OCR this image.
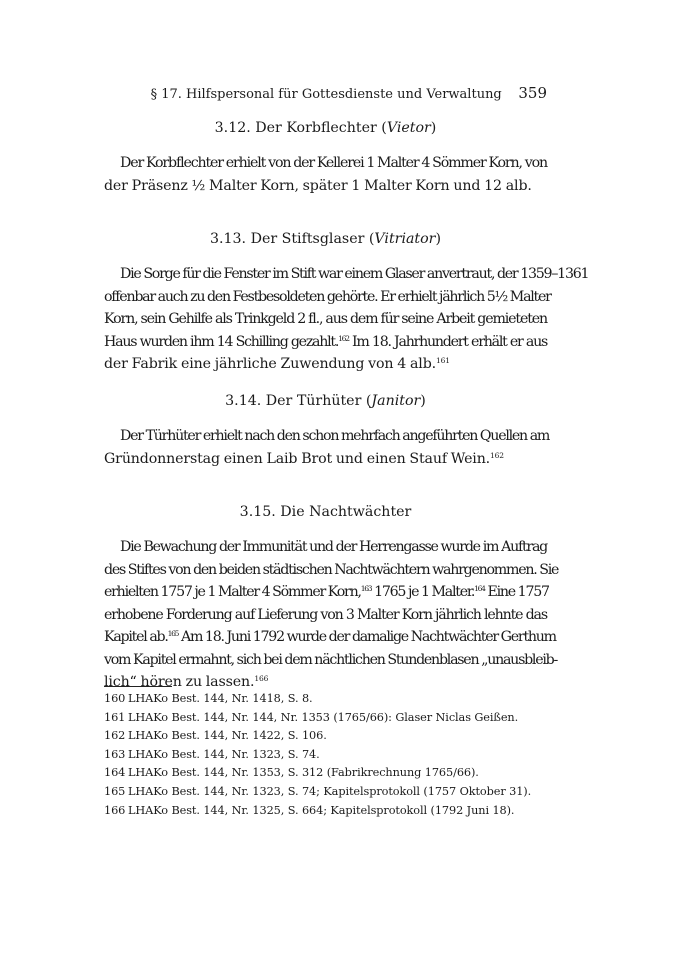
§ 17. Hilfspersonal für Gottesdienste und Verwaltung	359
3.12. Der Korbflechter (Vietor)
Der Korbflechter erhielt von der Kellerei 1 Malter 4 Sömmer Korn, von
der Präsenz ½ Malter Korn, später 1 Malter Korn und 12 alb.
3.13. Der Stiftsglaser (Vitriator)
Die Sorge für die Fenster im Stift war einem Glaser anvertraut, der 1359–1361
offenbar auch zu den Festbesoldeten gehörte. Er erhielt jährlich 5½ Malter
Korn, sein Gehilfe als Trinkgeld 2 fl., aus dem für seine Arbeit gemieteten
Haus wurden ihm 14 Schilling gezahlt.$^{162}$ Im 18. Jahrhundert erhält er aus
der Fabrik eine jährliche Zuwendung von 4 alb.$^{161}$
3.14. Der Türhüter (Janitor)
Der Türhüter erhielt nach den schon mehrfach angeführten Quellen am
Gründonnerstag einen Laib Brot und einen Stauf Wein.$^{162}$
3.15. Die Nachtwächter
Die Bewachung der Immunität und der Herrengasse wurde im Auftrag
des Stiftes von den beiden städtischen Nachtwächtern wahrgenommen. Sie
erhielten 1757 je 1 Malter 4 Sömmer Korn,$^{163}$ 1765 je 1 Malter.$^{164}$ Eine 1757
erhobene Forderung auf Lieferung von 3 Malter Korn jährlich lehnte das
Kapitel ab.$^{165}$ Am 18. Juni 1792 wurde der damalige Nachtwächter Gerthum
vom Kapitel ermahnt, sich bei dem nächtlichen Stundenblasen „unausbleib-
lich“ hören zu lassen.$^{166}$
160 LHAKo Best. 144, Nr. 1418, S. 8.
161 LHAKo Best. 144, Nr. 144, Nr. 1353 (1765/66): Glaser Niclas Geißen.
162 LHAKo Best. 144, Nr. 1422, S. 106.
163 LHAKo Best. 144, Nr. 1323, S. 74.
164 LHAKo Best. 144, Nr. 1353, S. 312 (Fabrikrechnung 1765/66).
165 LHAKo Best. 144, Nr. 1323, S. 74; Kapitelsprotokoll (1757 Oktober 31).
166 LHAKo Best. 144, Nr. 1325, S. 664; Kapitelsprotokoll (1792 Juni 18).
